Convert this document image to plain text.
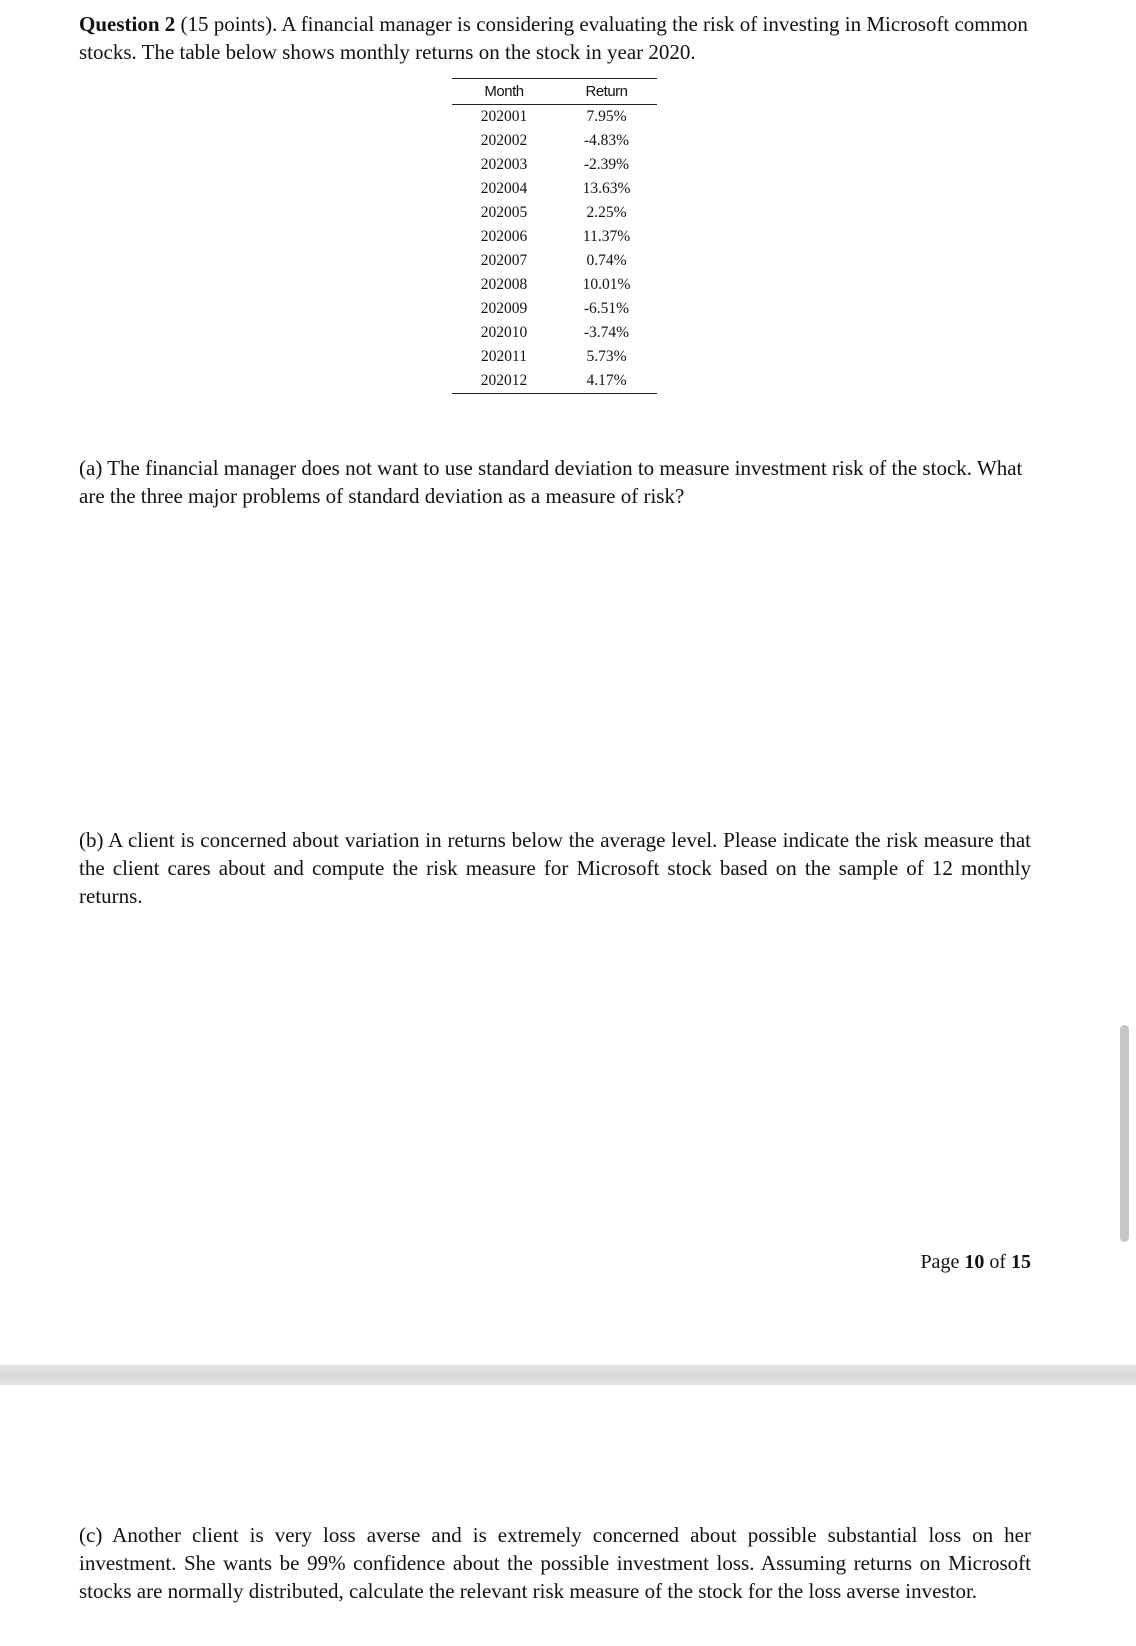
Question 2 (15 points). A financial manager is considering evaluating the risk of investing in Microsoft common stocks. The table below shows monthly returns on the stock in year 2020.

Month	Return
202001	7.95%
202002	-4.83%
202003	-2.39%
202004	13.63%
202005	2.25%
202006	11.37%
202007	0.74%
202008	10.01%
202009	-6.51%
202010	-3.74%
202011	5.73%
202012	4.17%

(a) The financial manager does not want to use standard deviation to measure investment risk of the stock. What are the three major problems of standard deviation as a measure of risk?

(b) A client is concerned about variation in returns below the average level. Please indicate the risk measure that the client cares about and compute the risk measure for Microsoft stock based on the sample of 12 monthly returns.

Page 10 of 15

(c) Another client is very loss averse and is extremely concerned about possible substantial loss on her investment. She wants be 99% confidence about the possible investment loss. Assuming returns on Microsoft stocks are normally distributed, calculate the relevant risk measure of the stock for the loss averse investor.
